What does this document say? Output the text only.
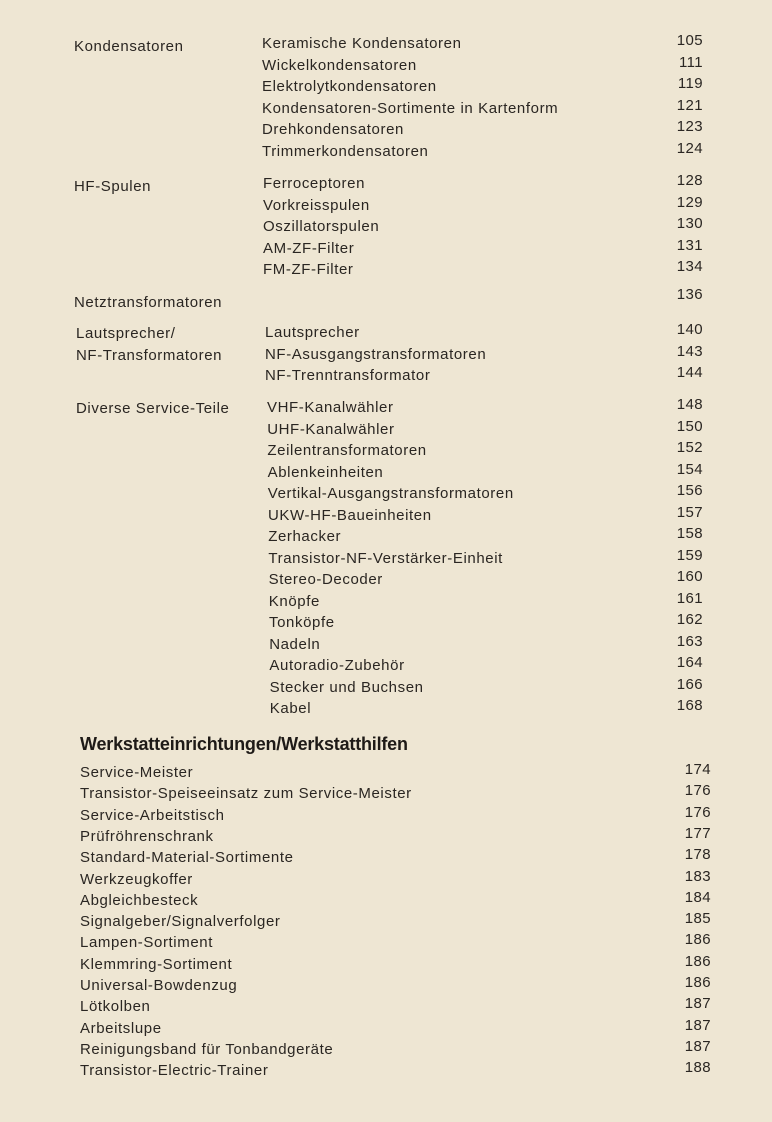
Werkstatteinrichtungen/Werkstatthilfen
Kondensatoren	Keramische Kondensatoren	105
Wickelkondensatoren	111
Elektrolytkondensatoren	119
Kondensatoren-Sortimente in Kartenform	121
Drehkondensatoren	123
Trimmerkondensatoren	124
HF-Spulen	Ferroceptoren	128
Vorkreisspulen	129
Oszillatorspulen	130
AM-ZF-Filter	131
FM-ZF-Filter	134
Netztransformatoren	136
Lautsprecher/
NF-Transformatoren
Lautsprecher	140
NF-Asusgangstransformatoren	143
NF-Trenntransformator	144
Diverse Service-Teile	VHF-Kanalwähler	148
UHF-Kanalwähler	150
Zeilentransformatoren	152
Ablenkeinheiten	154
Vertikal-Ausgangstransformatoren	156
UKW-HF-Baueinheiten	157
Zerhacker	158
Transistor-NF-Verstärker-Einheit	159
Stereo-Decoder	160
Knöpfe	161
Tonköpfe	162
Nadeln	163
Autoradio-Zubehör	164
Stecker und Buchsen	166
Kabel	168
Service-Meister	174
Transistor-Speiseeinsatz zum Service-Meister	176
Service-Arbeitstisch	176
Prüfröhrenschrank	177
Standard-Material-Sortimente	178
Werkzeugkoffer	183
Abgleichbesteck	184
Signalgeber/Signalverfolger	185
Lampen-Sortiment	186
Klemmring-Sortiment	186
Universal-Bowdenzug	186
Lötkolben	187
Arbeitslupe	187
Reinigungsband für Tonbandgeräte	187
Transistor-Electric-Trainer	188
